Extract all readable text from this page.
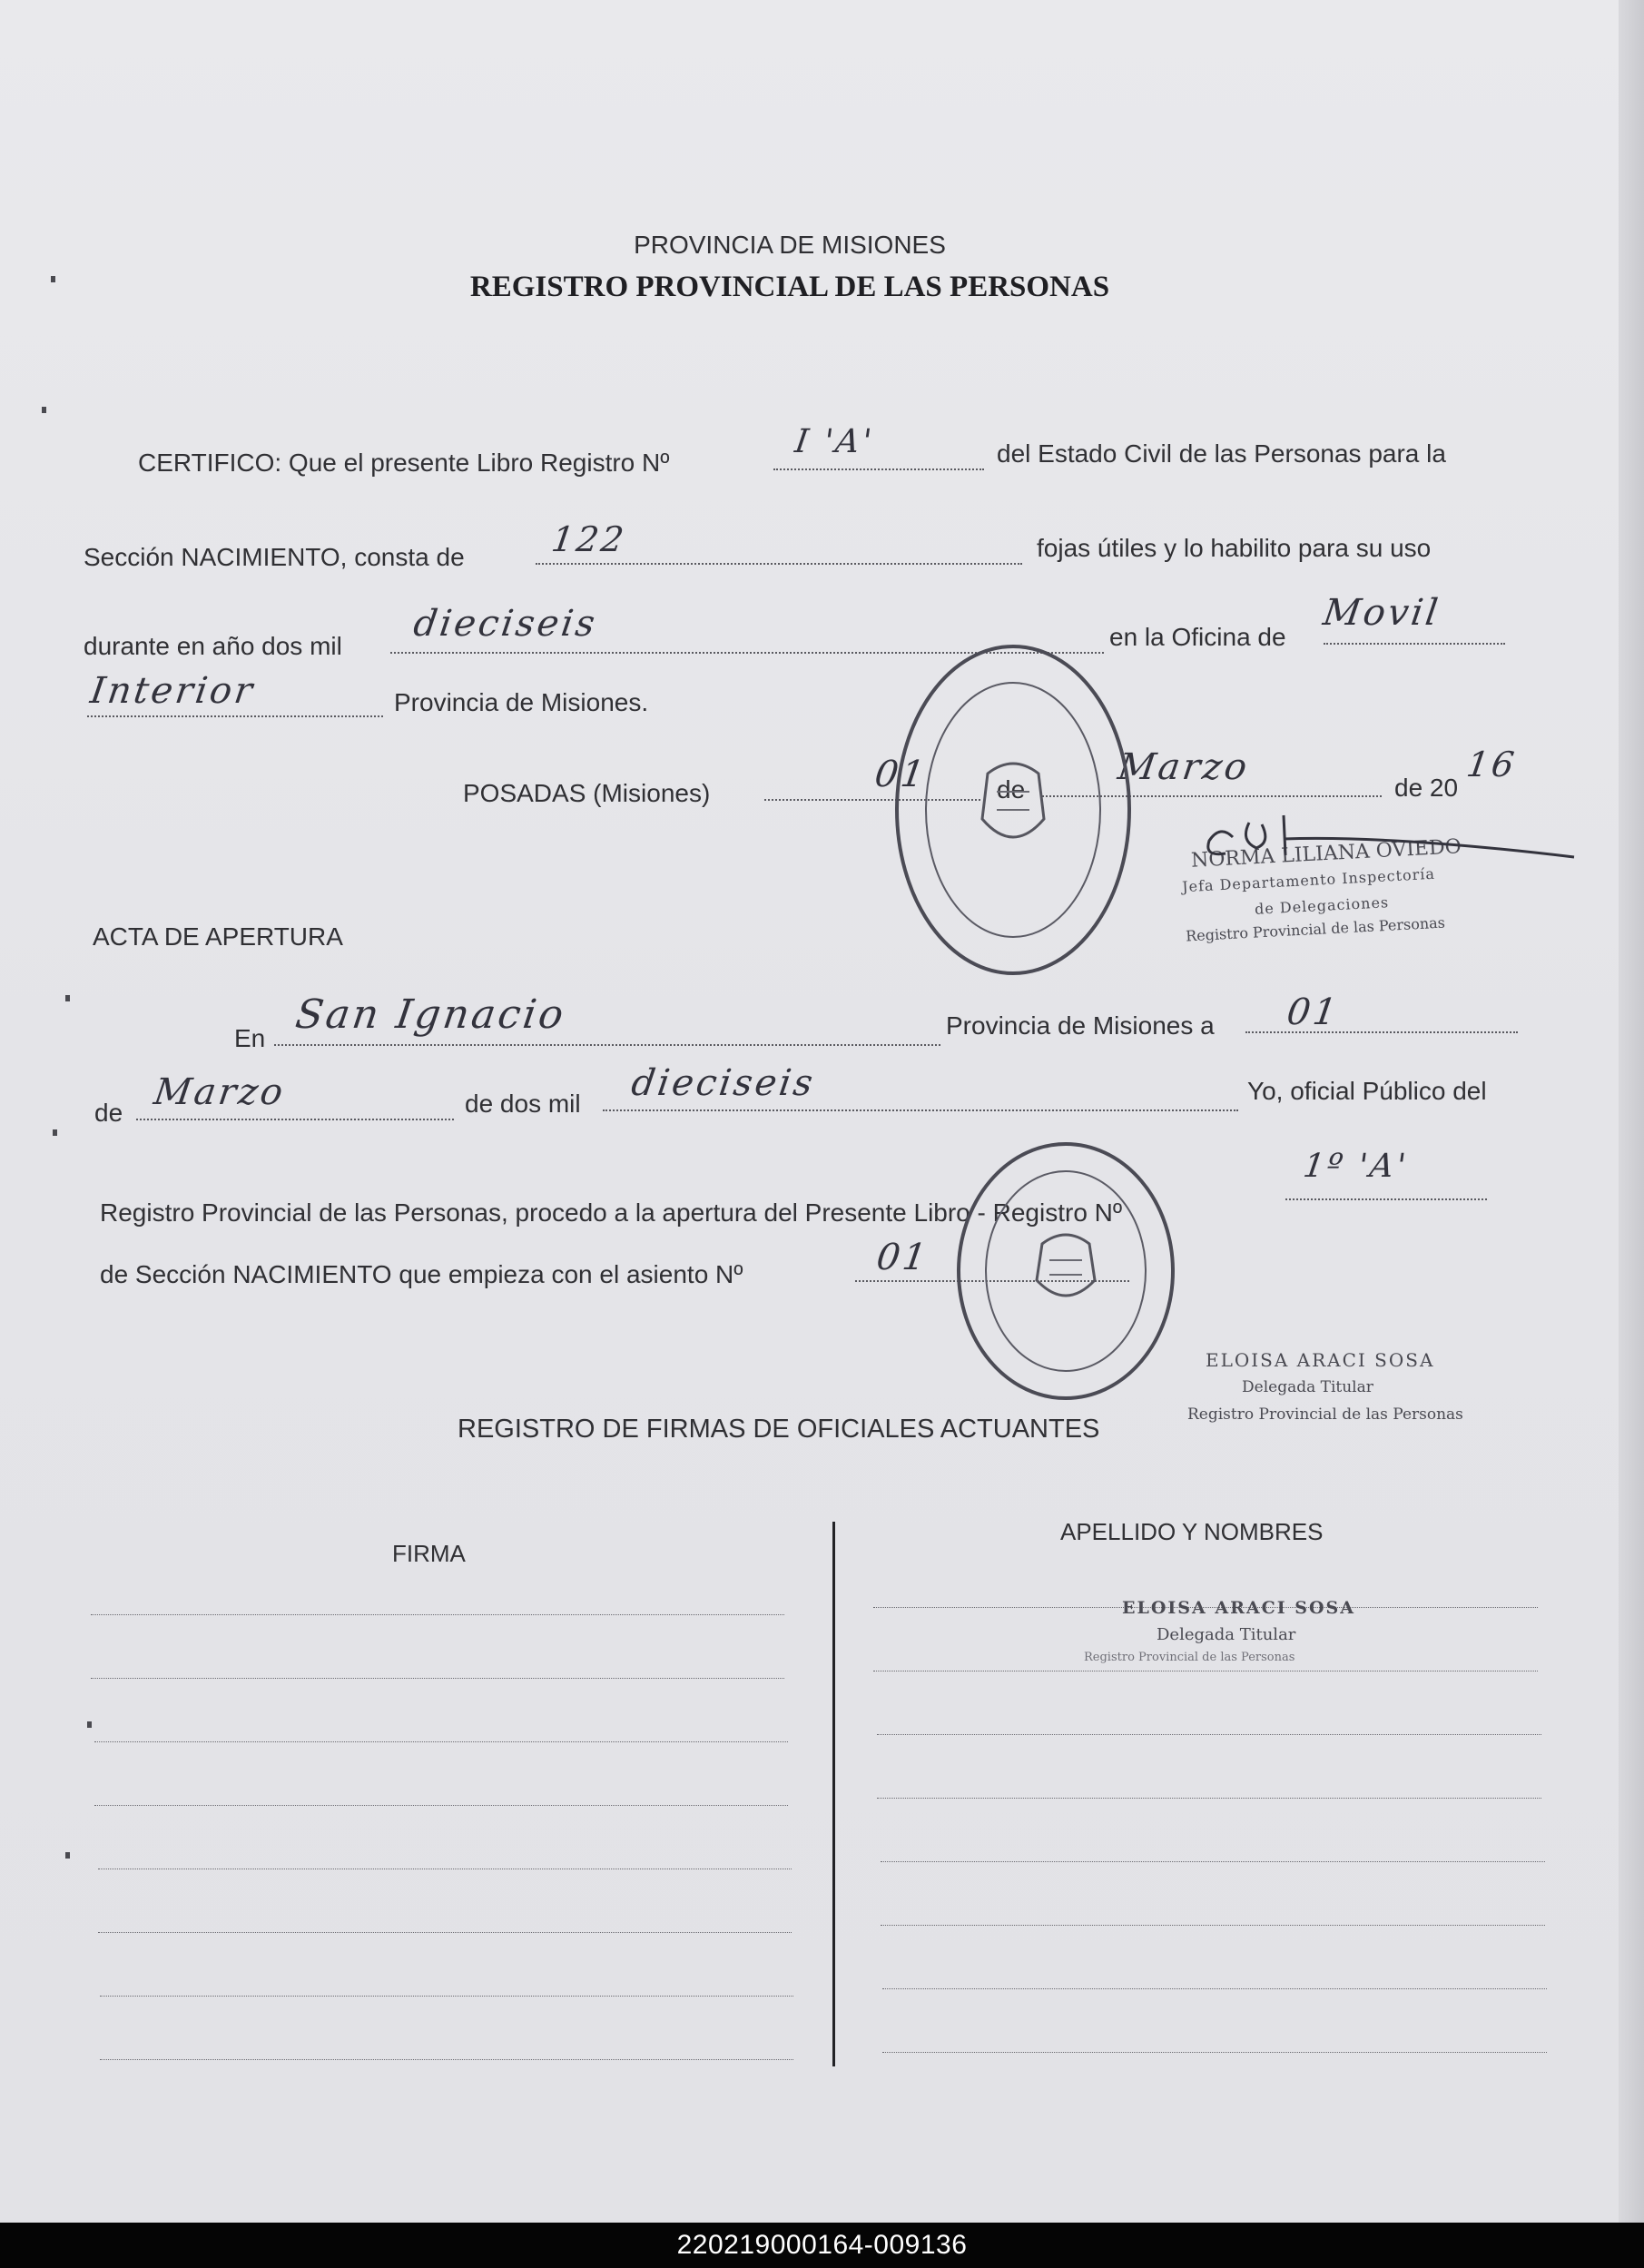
PROVINCIA DE MISIONES
REGISTRO PROVINCIAL DE LAS PERSONAS
CERTIFICO: Que el presente Libro Registro Nº
I 'A'	del Estado Civil de las Personas para la
Sección NACIMIENTO, consta de 122	fojas útiles y lo habilito para su uso
durante en año dos mil
dieciseis	en la Oficina de
Movil
Interior	Provincia de Misiones.
POSADAS (Misiones)	01	de
Marzo	de 20
16
NORMA LILIANA OVIEDO
Jefa Departamento Inspectoría
de Delegaciones
Registro Provincial de las Personas
ACTA DE APERTURA
En
San Ignacio	Provincia de Misiones a 01
de Marzo	de dos mil dieciseis	Yo, oficial Público del
Registro Provincial de las Personas, procedo a la apertura del Presente Libro - Registro Nº
1º 'A'
de Sección NACIMIENTO que empieza con el asiento Nº	01
ELOISA ARACI SOSA
Delegada Titular
Registro Provincial de las Personas
REGISTRO DE FIRMAS DE OFICIALES ACTUANTES
FIRMA
APELLIDO Y NOMBRES
ELOISA ARACI SOSA
Delegada Titular
Registro Provincial de las Personas
220219000164-009136
